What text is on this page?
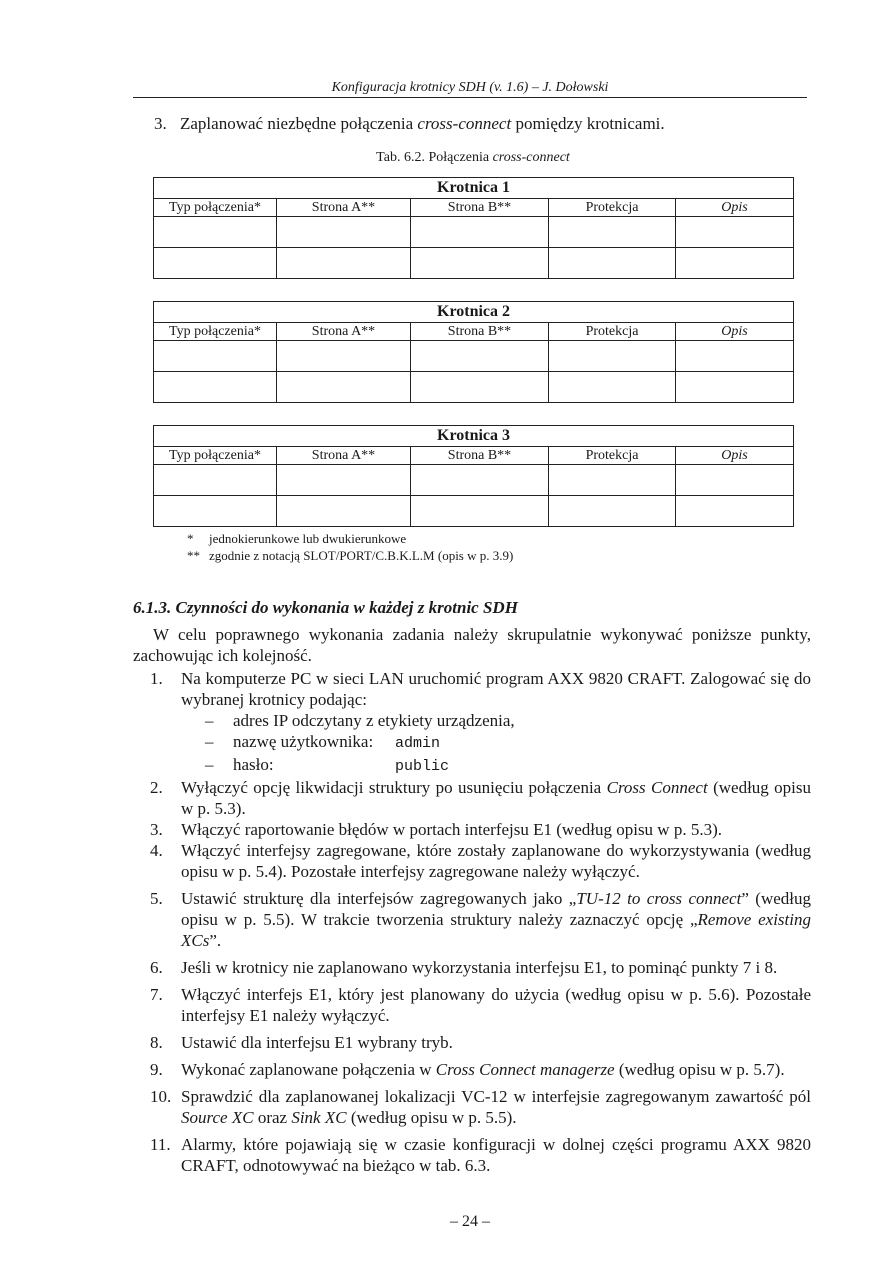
Konfiguracja krotnicy SDH (v. 1.6) – J. Dołowski
3. Zaplanować niezbędne połączenia cross-connect pomiędzy krotnicami.
Tab. 6.2. Połączenia cross-connect
Krotnica 1				
Typ połączenia*	Strona A**	Strona B**	Protekcja	Opis

Krotnica 2				
Typ połączenia*	Strona A**	Strona B**	Protekcja	Opis

Krotnica 3				
Typ połączenia*	Strona A**	Strona B**	Protekcja	Opis

* jednokierunkowe lub dwukierunkowe
** zgodnie z notacją SLOT/PORT/C.B.K.L.M (opis w p. 3.9)
6.1.3. Czynności do wykonania w każdej z krotnic SDH
W celu poprawnego wykonania zadania należy skrupulatnie wykonywać poniższe punkty, zachowując ich kolejność.
1. Na komputerze PC w sieci LAN uruchomić program AXX 9820 CRAFT. Zalogować się do wybranej krotnicy podając:
– adres IP odczytany z etykiety urządzenia,
– nazwę użytkownika: admin
– hasło:	public
2. Wyłączyć opcję likwidacji struktury po usunięciu połączenia Cross Connect (według opisu w p. 5.3).
3. Włączyć raportowanie błędów w portach interfejsu E1 (według opisu w p. 5.3).
4. Włączyć interfejsy zagregowane, które zostały zaplanowane do wykorzystywania (według opisu w p. 5.4). Pozostałe interfejsy zagregowane należy wyłączyć.
5. Ustawić strukturę dla interfejsów zagregowanych jako „TU-12 to cross connect” (według opisu w p. 5.5). W trakcie tworzenia struktury należy zaznaczyć opcję „Remove existing XCs”.
6. Jeśli w krotnicy nie zaplanowano wykorzystania interfejsu E1, to pominąć punkty 7 i 8.
7. Włączyć interfejs E1, który jest planowany do użycia (według opisu w p. 5.6). Pozostałe interfejsy E1 należy wyłączyć.
8. Ustawić dla interfejsu E1 wybrany tryb.
9. Wykonać zaplanowane połączenia w Cross Connect managerze (według opisu w p. 5.7).
10. Sprawdzić dla zaplanowanej lokalizacji VC-12 w interfejsie zagregowanym zawartość pól Source XC oraz Sink XC (według opisu w p. 5.5).
11. Alarmy, które pojawiają się w czasie konfiguracji w dolnej części programu AXX 9820 CRAFT, odnotowywać na bieżąco w tab. 6.3.
– 24 –
